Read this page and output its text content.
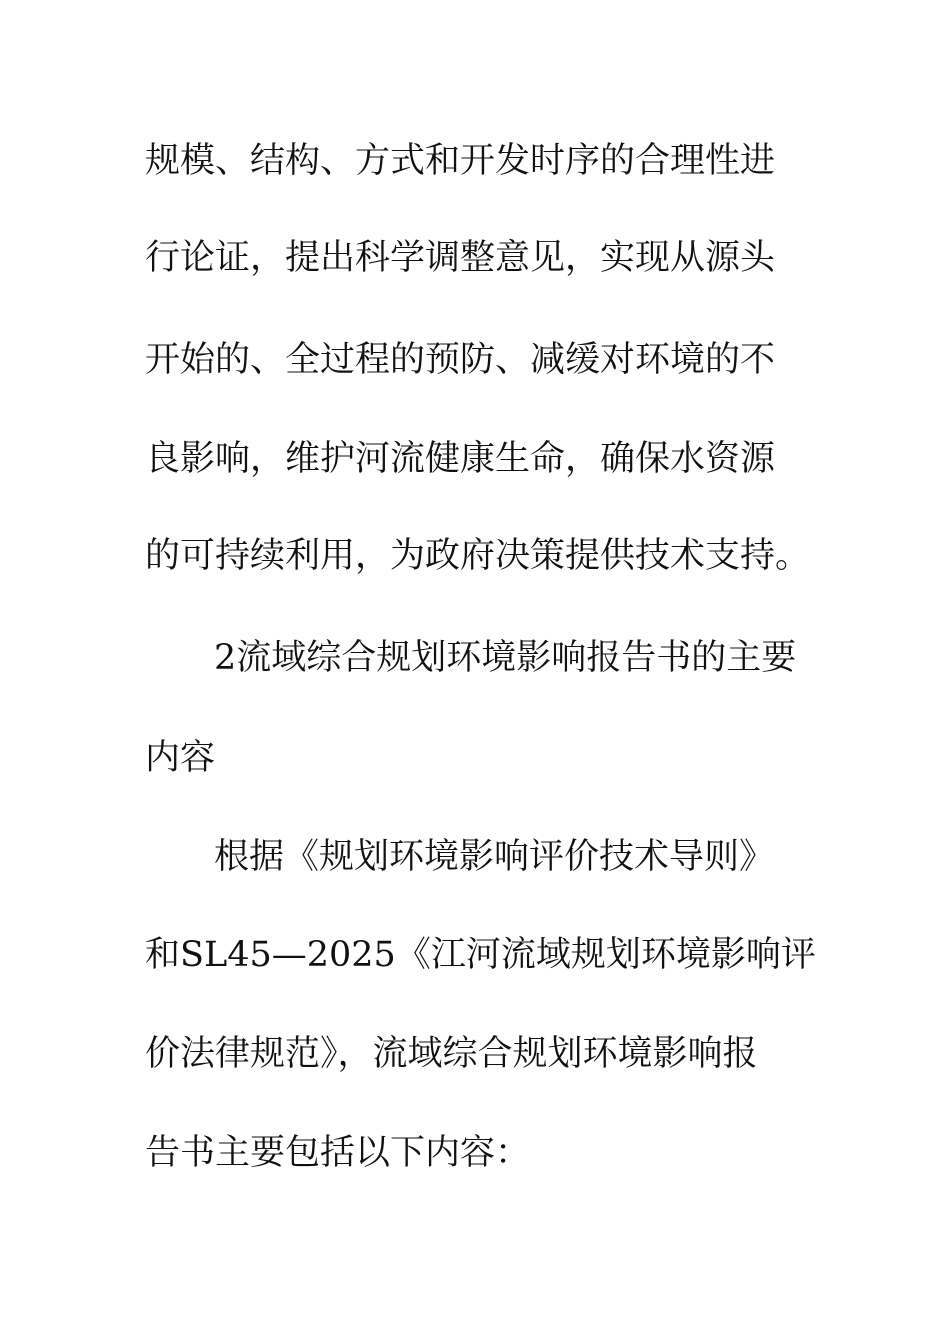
规模、结构、方式和开发时序的合理性进
行论证，提出科学调整意见，实现从源头
开始的、全过程的预防、减缓对环境的不
良影响，维护河流健康生命，确保水资源
的可持续利用，为政府决策提供技术支持。
2流域综合规划环境影响报告书的主要
内容
根据《规划环境影响评价技术导则》
和SL45—2025《江河流域规划环境影响评
价法律规范》，流域综合规划环境影响报
告书主要包括以下内容：
